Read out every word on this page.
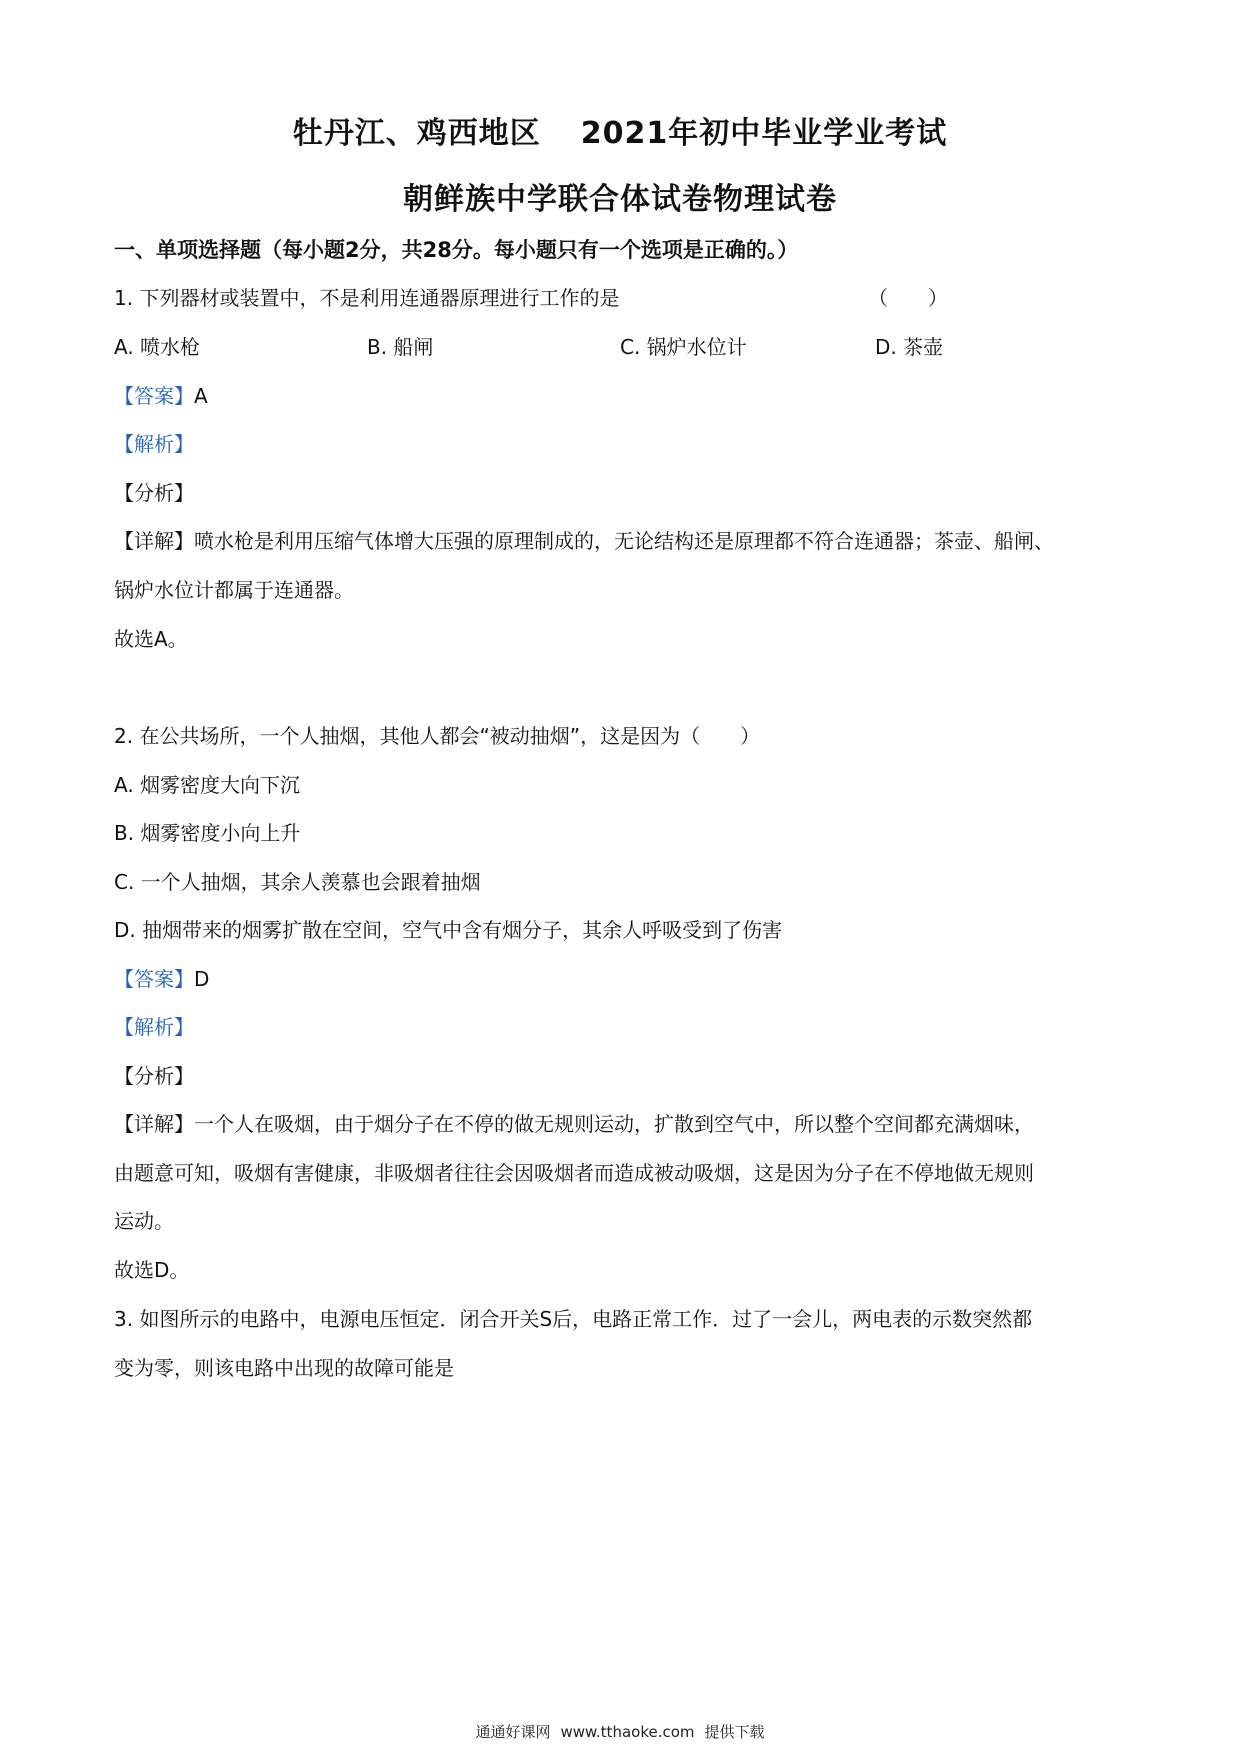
牡丹江、鸡西地区 2021年初中毕业学业考试
朝鲜族中学联合体试卷物理试卷
一、单项选择题（每小题2分，共28分。每小题只有一个选项是正确的。）
1. 下列器材或装置中，不是利用连通器原理进行工作的是	（　　）
A. 喷水枪	B. 船闸	C. 锅炉水位计	D. 茶壶
【答案】A
【解析】
【分析】
【详解】喷水枪是利用压缩气体增大压强的原理制成的，无论结构还是原理都不符合连通器；茶壶、船闸、
锅炉水位计都属于连通器。
故选A。
2. 在公共场所，一个人抽烟，其他人都会“被动抽烟”，这是因为（　　）
A. 烟雾密度大向下沉
B. 烟雾密度小向上升
C. 一个人抽烟，其余人羡慕也会跟着抽烟
D. 抽烟带来的烟雾扩散在空间，空气中含有烟分子，其余人呼吸受到了伤害
【答案】D
【解析】
【分析】
【详解】一个人在吸烟，由于烟分子在不停的做无规则运动，扩散到空气中，所以整个空间都充满烟味，
由题意可知，吸烟有害健康，非吸烟者往往会因吸烟者而造成被动吸烟，这是因为分子在不停地做无规则
运动。
故选D。
3. 如图所示的电路中，电源电压恒定．闭合开关S后，电路正常工作．过了一会儿，两电表的示数突然都
变为零，则该电路中出现的故障可能是
通通好课网 www.tthaoke.com 提供下载
